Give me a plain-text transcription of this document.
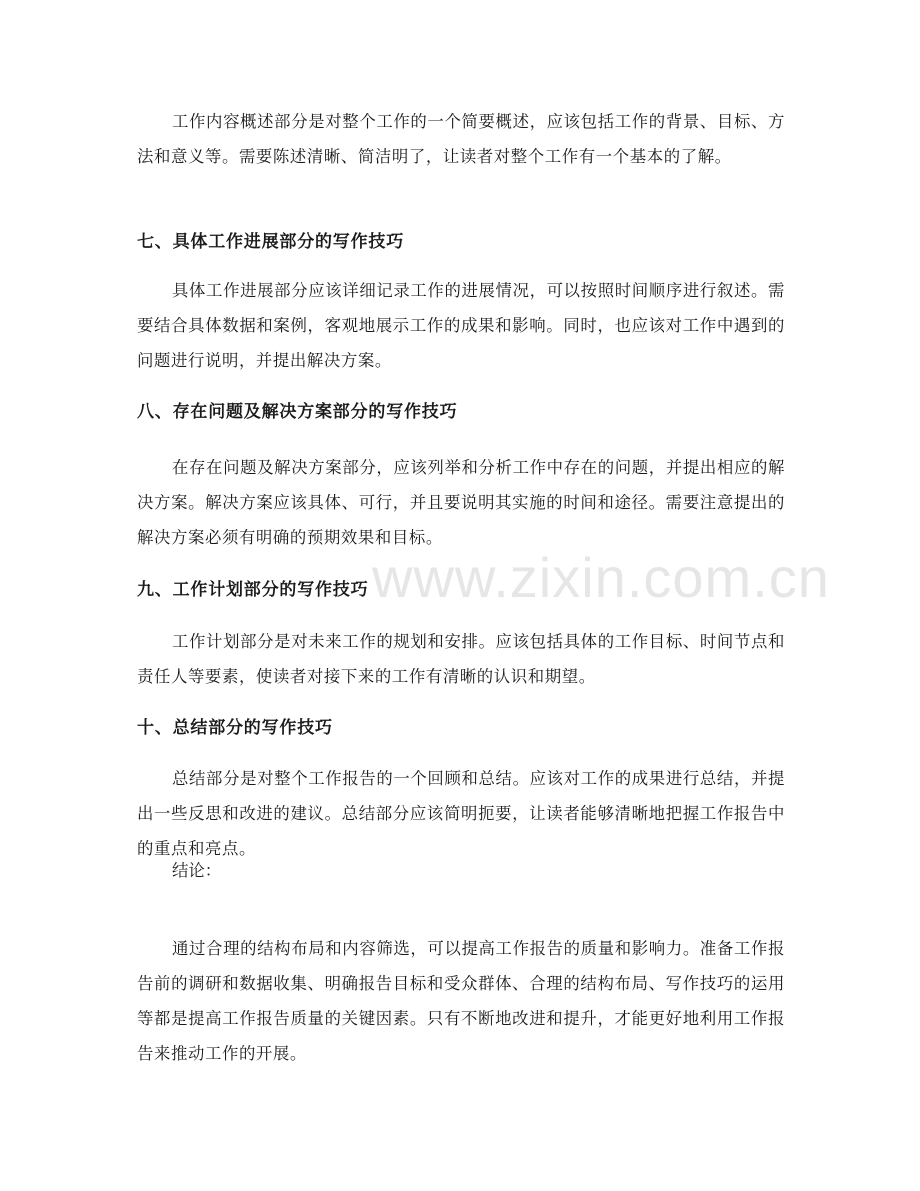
www.zixin.com.cn

工作内容概述部分是对整个工作的一个简要概述，应该包括工作的背景、目标、方法和意义等。需要陈述清晰、简洁明了，让读者对整个工作有一个基本的了解。

七、具体工作进展部分的写作技巧

具体工作进展部分应该详细记录工作的进展情况，可以按照时间顺序进行叙述。需要结合具体数据和案例，客观地展示工作的成果和影响。同时，也应该对工作中遇到的问题进行说明，并提出解决方案。

八、存在问题及解决方案部分的写作技巧

在存在问题及解决方案部分，应该列举和分析工作中存在的问题，并提出相应的解决方案。解决方案应该具体、可行，并且要说明其实施的时间和途径。需要注意提出的解决方案必须有明确的预期效果和目标。

九、工作计划部分的写作技巧

工作计划部分是对未来工作的规划和安排。应该包括具体的工作目标、时间节点和责任人等要素，使读者对接下来的工作有清晰的认识和期望。

十、总结部分的写作技巧

总结部分是对整个工作报告的一个回顾和总结。应该对工作的成果进行总结，并提出一些反思和改进的建议。总结部分应该简明扼要，让读者能够清晰地把握工作报告中的重点和亮点。

结论：

通过合理的结构布局和内容筛选，可以提高工作报告的质量和影响力。准备工作报告前的调研和数据收集、明确报告目标和受众群体、合理的结构布局、写作技巧的运用等都是提高工作报告质量的关键因素。只有不断地改进和提升，才能更好地利用工作报告来推动工作的开展。
